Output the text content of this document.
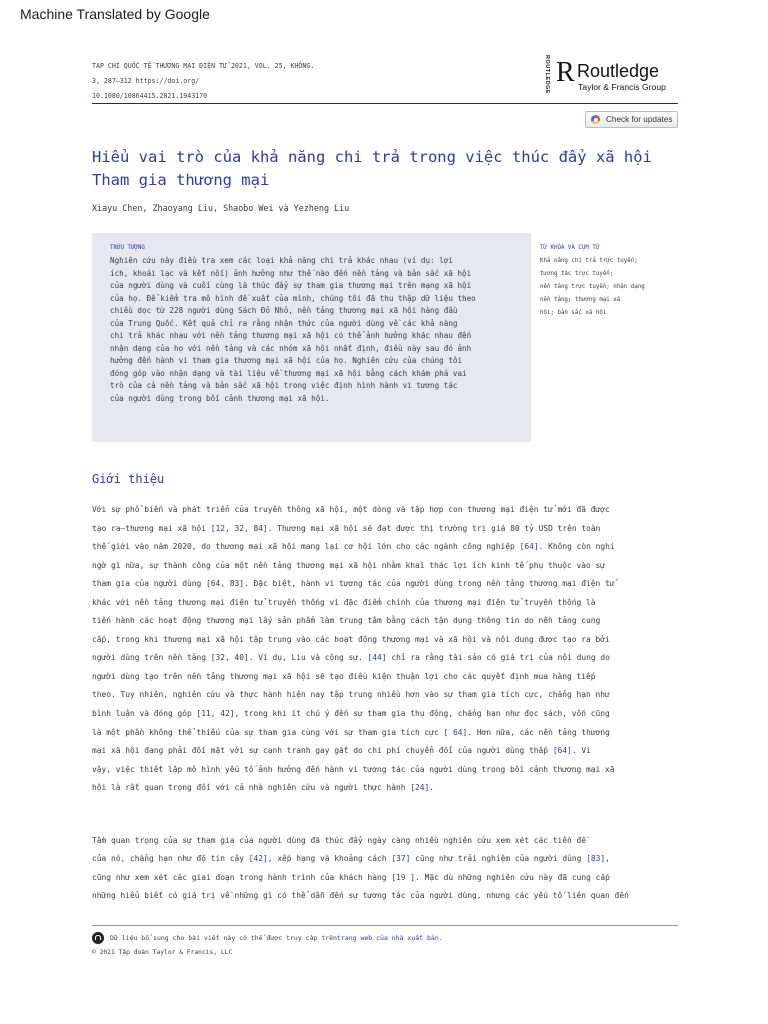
Machine Translated by Google
TẠP CHÍ QUỐC TẾ THƯƠNG MẠI ĐIỆN TỬ 2021, VOL. 25, KHÔNG.
3, 287–312 https://doi.org/
10.1080/10864415.2021.1943170
ROUTLEDGE R Routledge
Taylor & Francis Group
Check for updates
Hiểu vai trò của khả năng chi trả trong việc thúc đẩy xã hội
Tham gia thương mại
Xiayu Chen, Zhaoyang Liu, Shaobo Wei và Yezheng Liu
TRỪU TƯỢNG
Nghiên cứu này điều tra xem các loại khả năng chi trả khác nhau (ví dụ: lợi
ích, khoái lạc và kết nối) ảnh hưởng như thế nào đến nền tảng và bản sắc xã hội
của người dùng và cuối cùng là thúc đẩy sự tham gia thương mại trên mạng xã hội
của họ. Để kiểm tra mô hình đề xuất của mình, chúng tôi đã thu thập dữ liệu theo
chiều dọc từ 228 người dùng Sách Đỏ Nhỏ, nền tảng thương mại xã hội hàng đầu
của Trung Quốc. Kết quả chỉ ra rằng nhận thức của người dùng về các khả năng
chi trả khác nhau với nền tảng thương mại xã hội có thể ảnh hưởng khác nhau đến
nhận dạng của họ với nền tảng và các nhóm xã hội nhất định, điều này sau đó ảnh
hưởng đến hành vi tham gia thương mại xã hội của họ. Nghiên cứu của chúng tôi
đóng góp vào nhận dạng và tài liệu về thương mại xã hội bằng cách khám phá vai
trò của cả nền tảng và bản sắc xã hội trong việc định hình hành vi tương tác
của người dùng trong bối cảnh thương mại xã hội.
TỪ KHÓA VÀ CỤM TỪ
Khả năng chi trả trực tuyến;
tương tác trực tuyến;
nền tảng trực tuyến; nhận dạng
nền tảng; thương mại xã
hội; bản sắc xã hội
Giới thiệu
Với sự phổ biến và phát triển của truyền thông xã hội, một dòng và tập hợp con thương mại điện tử mới đã được
tạo ra—thương mại xã hội [12, 32, 84]. Thương mại xã hội sẽ đạt được thị trường trị giá 80 tỷ USD trên toàn
thế giới vào năm 2020, do thương mại xã hội mang lại cơ hội lớn cho các ngành công nghiệp [64]. Không còn nghi
ngờ gì nữa, sự thành công của một nền tảng thương mại xã hội nhằm khai thác lợi ích kinh tế phụ thuộc vào sự
tham gia của người dùng [64, 83]. Đặc biệt, hành vi tương tác của người dùng trong nền tảng thương mại điện tử
khác với nền tảng thương mại điện tử truyền thống vì đặc điểm chính của thương mại điện tử truyền thống là
tiến hành các hoạt động thương mại lấy sản phẩm làm trung tâm bằng cách tận dụng thông tin do nền tảng cung
cấp, trong khi thương mại xã hội tập trung vào các hoạt động thương mại và xã hội và nội dung được tạo ra bởi
người dùng trên nền tảng [32, 40]. Ví dụ, Liu và cộng sự. [44] chỉ ra rằng tài sản có giá trị của nội dung do
người dùng tạo trên nền tảng thương mại xã hội sẽ tạo điều kiện thuận lợi cho các quyết định mua hàng tiếp
theo. Tuy nhiên, nghiên cứu và thực hành hiện nay tập trung nhiều hơn vào sự tham gia tích cực, chẳng hạn như
bình luận và đóng góp [11, 42], trong khi ít chú ý đến sự tham gia thụ động, chẳng hạn như đọc sách, vốn cũng
là một phần không thể thiếu của sự tham gia cùng với sự tham gia tích cực [ 64]. Hơn nữa, các nền tảng thương
mại xã hội đang phải đối mặt với sự cạnh tranh gay gắt do chi phí chuyển đổi của người dùng thấp [64]. Vì
vậy, việc thiết lập mô hình yếu tố ảnh hưởng đến hành vi tương tác của người dùng trong bối cảnh thương mại xã
hội là rất quan trọng đối với cả nhà nghiên cứu và người thực hành [24].
Tầm quan trọng của sự tham gia của người dùng đã thúc đẩy ngày càng nhiều nghiên cứu xem xét các tiền đề
của nó, chẳng hạn như độ tin cậy [42], xếp hạng và khoảng cách [37] cũng như trải nghiệm của người dùng [83],
cũng như xem xét các giai đoạn trong hành trình của khách hàng [19 ]. Mặc dù những nghiên cứu này đã cung cấp
những hiểu biết có giá trị về những gì có thể dẫn đến sự tương tác của người dùng, nhưng các yếu tố liên quan đến
Dữ liệu bổ sung cho bài viết này có thể được truy cập trên trang web của nhà xuất bản.
© 2021 Tập đoàn Taylor & Francis, LLC
